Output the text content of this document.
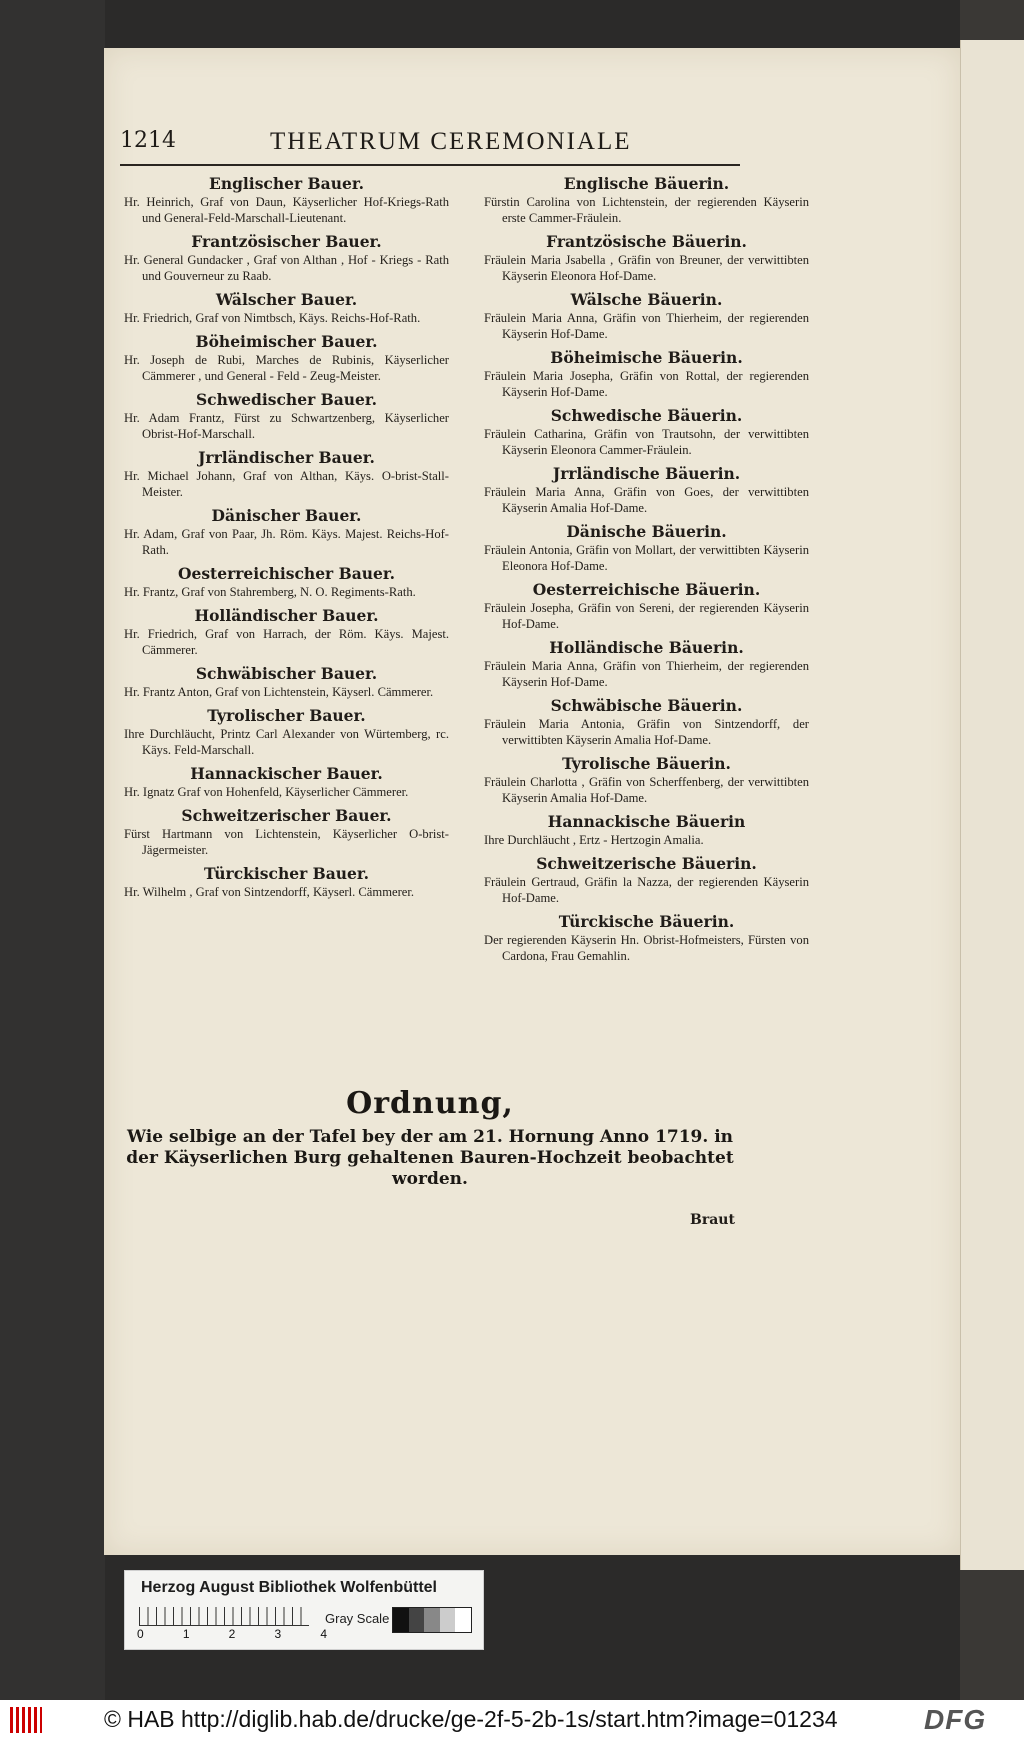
1214	THEATRUM CEREMONIALE
Englischer Bauer.
Hr. Heinrich, Graf von Daun, Käyserlicher Hof-Kriegs-Rath und General-Feld-Marschall-Lieutenant.
Frantzösischer Bauer.
Hr. General Gundacker , Graf von Althan , Hof - Kriegs - Rath und Gouverneur zu Raab.
Wälscher Bauer.
Hr. Friedrich, Graf von Nimtbsch, Käys. Reichs-Hof-Rath.
Böheimischer Bauer.
Hr. Joseph de Rubi, Marches de Rubinis, Käyserlicher Cämmerer , und General - Feld - Zeug-Meister.
Schwedischer Bauer.
Hr. Adam Frantz, Fürst zu Schwartzenberg, Käyserlicher Obrist-Hof-Marschall.
Jrrländischer Bauer.
Hr. Michael Johann, Graf von Althan, Käys. O-brist-Stall-Meister.
Dänischer Bauer.
Hr. Adam, Graf von Paar, Jh. Röm. Käys. Majest. Reichs-Hof-Rath.
Oesterreichischer Bauer.
Hr. Frantz, Graf von Stahremberg, N. O. Regiments-Rath.
Holländischer Bauer.
Hr. Friedrich, Graf von Harrach, der Röm. Käys. Majest. Cämmerer.
Schwäbischer Bauer.
Hr. Frantz Anton, Graf von Lichtenstein, Käyserl. Cämmerer.
Tyrolischer Bauer.
Ihre Durchläucht, Printz Carl Alexander von Würtemberg, rc. Käys. Feld-Marschall.
Hannackischer Bauer.
Hr. Ignatz Graf von Hohenfeld, Käyserlicher Cämmerer.
Schweitzerischer Bauer.
Fürst Hartmann von Lichtenstein, Käyserlicher O-brist-Jägermeister.
Türckischer Bauer.
Hr. Wilhelm , Graf von Sintzendorff, Käyserl. Cämmerer.
Englische Bäuerin.
Fürstin Carolina von Lichtenstein, der regierenden Käyserin erste Cammer-Fräulein.
Frantzösische Bäuerin.
Fräulein Maria Jsabella , Gräfin von Breuner, der verwittibten Käyserin Eleonora Hof-Dame.
Wälsche Bäuerin.
Fräulein Maria Anna, Gräfin von Thierheim, der regierenden Käyserin Hof-Dame.
Böheimische Bäuerin.
Fräulein Maria Josepha, Gräfin von Rottal, der regierenden Käyserin Hof-Dame.
Schwedische Bäuerin.
Fräulein Catharina, Gräfin von Trautsohn, der verwittibten Käyserin Eleonora Cammer-Fräulein.
Jrrländische Bäuerin.
Fräulein Maria Anna, Gräfin von Goes, der verwittibten Käyserin Amalia Hof-Dame.
Dänische Bäuerin.
Fräulein Antonia, Gräfin von Mollart, der verwittibten Käyserin Eleonora Hof-Dame.
Oesterreichische Bäuerin.
Fräulein Josepha, Gräfin von Sereni, der regierenden Käyserin Hof-Dame.
Holländische Bäuerin.
Fräulein Maria Anna, Gräfin von Thierheim, der regierenden Käyserin Hof-Dame.
Schwäbische Bäuerin.
Fräulein Maria Antonia, Gräfin von Sintzendorff, der verwittibten Käyserin Amalia Hof-Dame.
Tyrolische Bäuerin.
Fräulein Charlotta , Gräfin von Scherffenberg, der verwittibten Käyserin Amalia Hof-Dame.
Hannackische Bäuerin
Ihre Durchläucht , Ertz - Hertzogin Amalia.
Schweitzerische Bäuerin.
Fräulein Gertraud, Gräfin la Nazza, der regierenden Käyserin Hof-Dame.
Türckische Bäuerin.
Der regierenden Käyserin Hn. Obrist-Hofmeisters, Fürsten von Cardona, Frau Gemahlin.
Ordnung,
Wie selbige an der Tafel bey der am 21. Hornung Anno 1719. in der Käyserlichen Burg gehaltenen Bauren-Hochzeit beobachtet worden.
Braut
Herzog August Bibliothek Wolfenbüttel
0	1	2	3	4
Gray Scale
© HAB http://diglib.hab.de/drucke/ge-2f-5-2b-1s/start.htm?image=01234	DFG
